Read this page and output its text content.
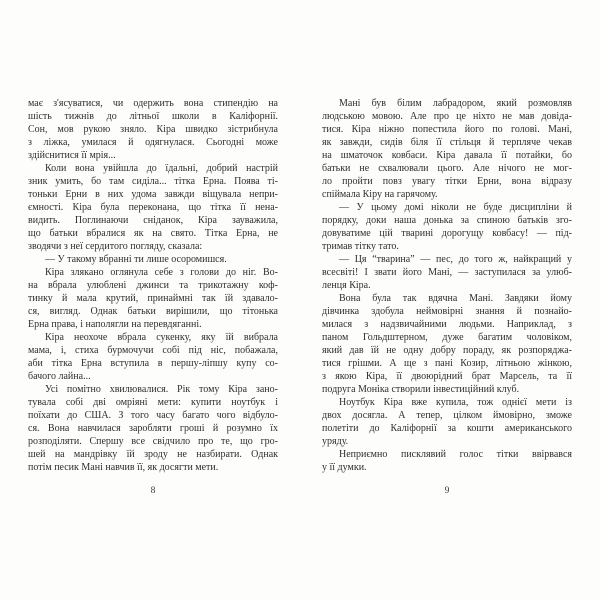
має з'ясуватися, чи одержить вона стипендію на
шість тижнів до літньої школи в Каліфорнії.
Сон, мов рукою зняло. Кіра швидко зістрибнула
з ліжка, умилася й одягнулася. Сьогодні може
здійснитися її мрія...
Коли вона увійшла до їдальні, добрий настрій
зник умить, бо там сиділа... тітка Ерна. Поява ті-
тоньки Ерни в них удома завжди віщувала непри-
ємності. Кіра була переконана, що тітка її нена-
видить. Поглинаючи сніданок, Кіра зауважила,
що батьки вбралися як на свято. Тітка Ерна, не
зводячи з неї сердитого погляду, сказала:
— У такому вбранні ти лише осоромишся.
Кіра злякано оглянула себе з голови до ніг. Во-
на вбрала улюблені джинси та трикотажну коф-
тинку й мала крутий, принаймні так їй здавало-
ся, вигляд. Однак батьки вирішили, що тітонька
Ерна права, і наполягли на перевдяганні.
Кіра неохоче вбрала сукенку, яку їй вибрала
мама, і, стиха бурмочучи собі під ніс, побажала,
аби тітка Ерна вступила в першу-ліпшу купу со-
бачого лайна...
Усі помітно хвилювалися. Рік тому Кіра зано-
тувала собі дві омріяні мети: купити ноутбук і
поїхати до США. З того часу багато чого відбуло-
ся. Вона навчилася заробляти гроші й розумно їх
розподіляти. Спершу все свідчило про те, що гро-
шей на мандрівку їй зроду не назбирати. Однак
потім песик Мані навчив її, як досягти мети.
8
Мані був білим лабрадором, який розмовляв
людською мовою. Але про це ніхто не мав довіда-
тися. Кіра ніжно попестила його по голові. Мані,
як завжди, сидів біля її стільця й терпляче чекав
на шматочок ковбаси. Кіра давала її потайки, бо
батьки не схвалювали цього. Але нічого не мог-
ло пройти повз увагу тітки Ерни, вона відразу
спіймала Кіру на гарячому.
— У цьому домі ніколи не буде дисципліни й
порядку, доки наша донька за спиною батьків зго-
довуватиме цій тварині дорогущу ковбасу! — під-
тримав тітку тато.
— Ця “тварина” — пес, до того ж, найкращий у
всесвіті! І звати його Мані, — заступилася за улюб-
ленця Кіра.
Вона була так вдячна Мані. Завдяки йому
дівчинка здобула неймовірні знання й познайо-
милася з надзвичайними людьми. Наприклад, з
паном Гольдштерном, дуже багатим чоловіком,
який дав їй не одну добру пораду, як розпоряджа-
тися грішми. А ще з пані Козир, літньою жінкою,
з якою Кіра, її двоюрідний брат Марсель, та її
подруга Моніка створили інвестиційний клуб.
Ноутбук Кіра вже купила, тож однієї мети із
двох досягла. А тепер, цілком ймовірно, зможе
полетіти до Каліфорнії за кошти американського
уряду.
Неприємно писклявий голос тітки ввірвався
у її думки.
9
